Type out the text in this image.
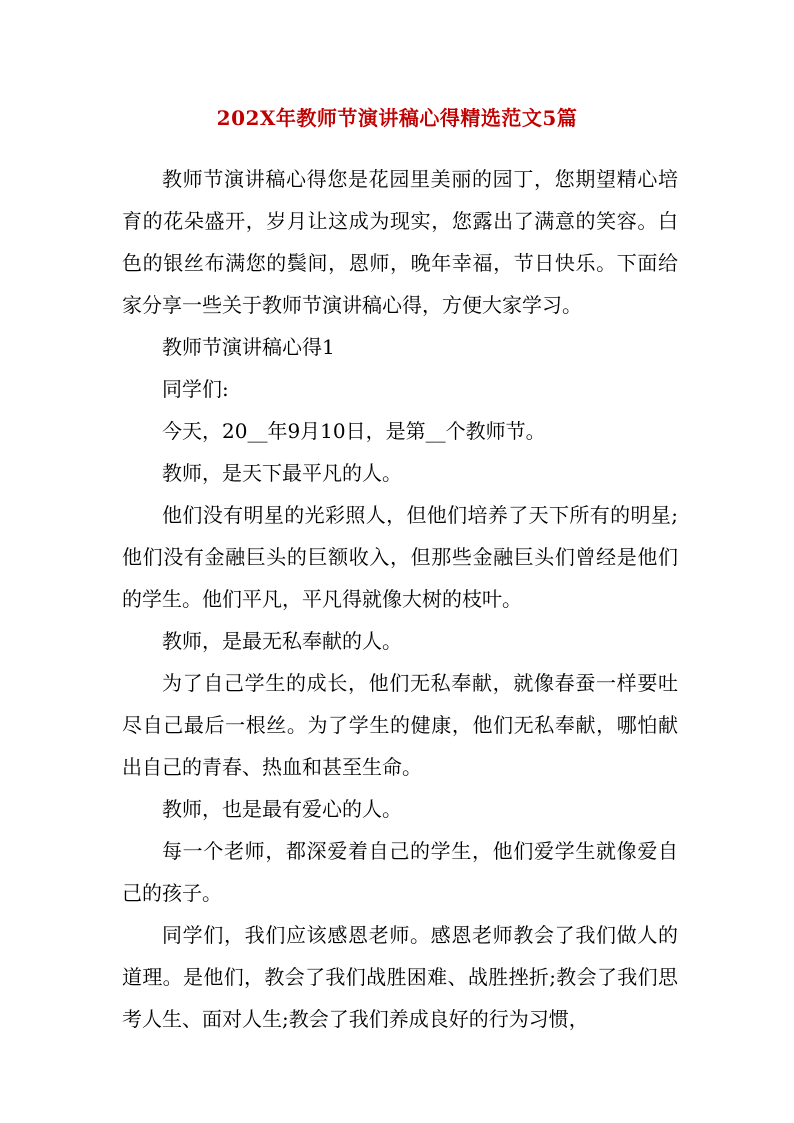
202X年教师节演讲稿心得精选范文5篇

教师节演讲稿心得您是花园里美丽的园丁，您期望精心培育的花朵盛开，岁月让这成为现实，您露出了满意的笑容。白色的银丝布满您的鬓间，恩师，晚年幸福，节日快乐。下面给家分享一些关于教师节演讲稿心得，方便大家学习。

教师节演讲稿心得1

同学们:

今天，20__年9月10日，是第__个教师节。

教师，是天下最平凡的人。

他们没有明星的光彩照人，但他们培养了天下所有的明星;他们没有金融巨头的巨额收入，但那些金融巨头们曾经是他们的学生。他们平凡，平凡得就像大树的枝叶。

教师，是最无私奉献的人。

为了自己学生的成长，他们无私奉献，就像春蚕一样要吐尽自己最后一根丝。为了学生的健康，他们无私奉献，哪怕献出自己的青春、热血和甚至生命。

教师，也是最有爱心的人。

每一个老师，都深爱着自己的学生，他们爱学生就像爱自己的孩子。

同学们，我们应该感恩老师。感恩老师教会了我们做人的道理。是他们，教会了我们战胜困难、战胜挫折;教会了我们思考人生、面对人生;教会了我们养成良好的行为习惯，
